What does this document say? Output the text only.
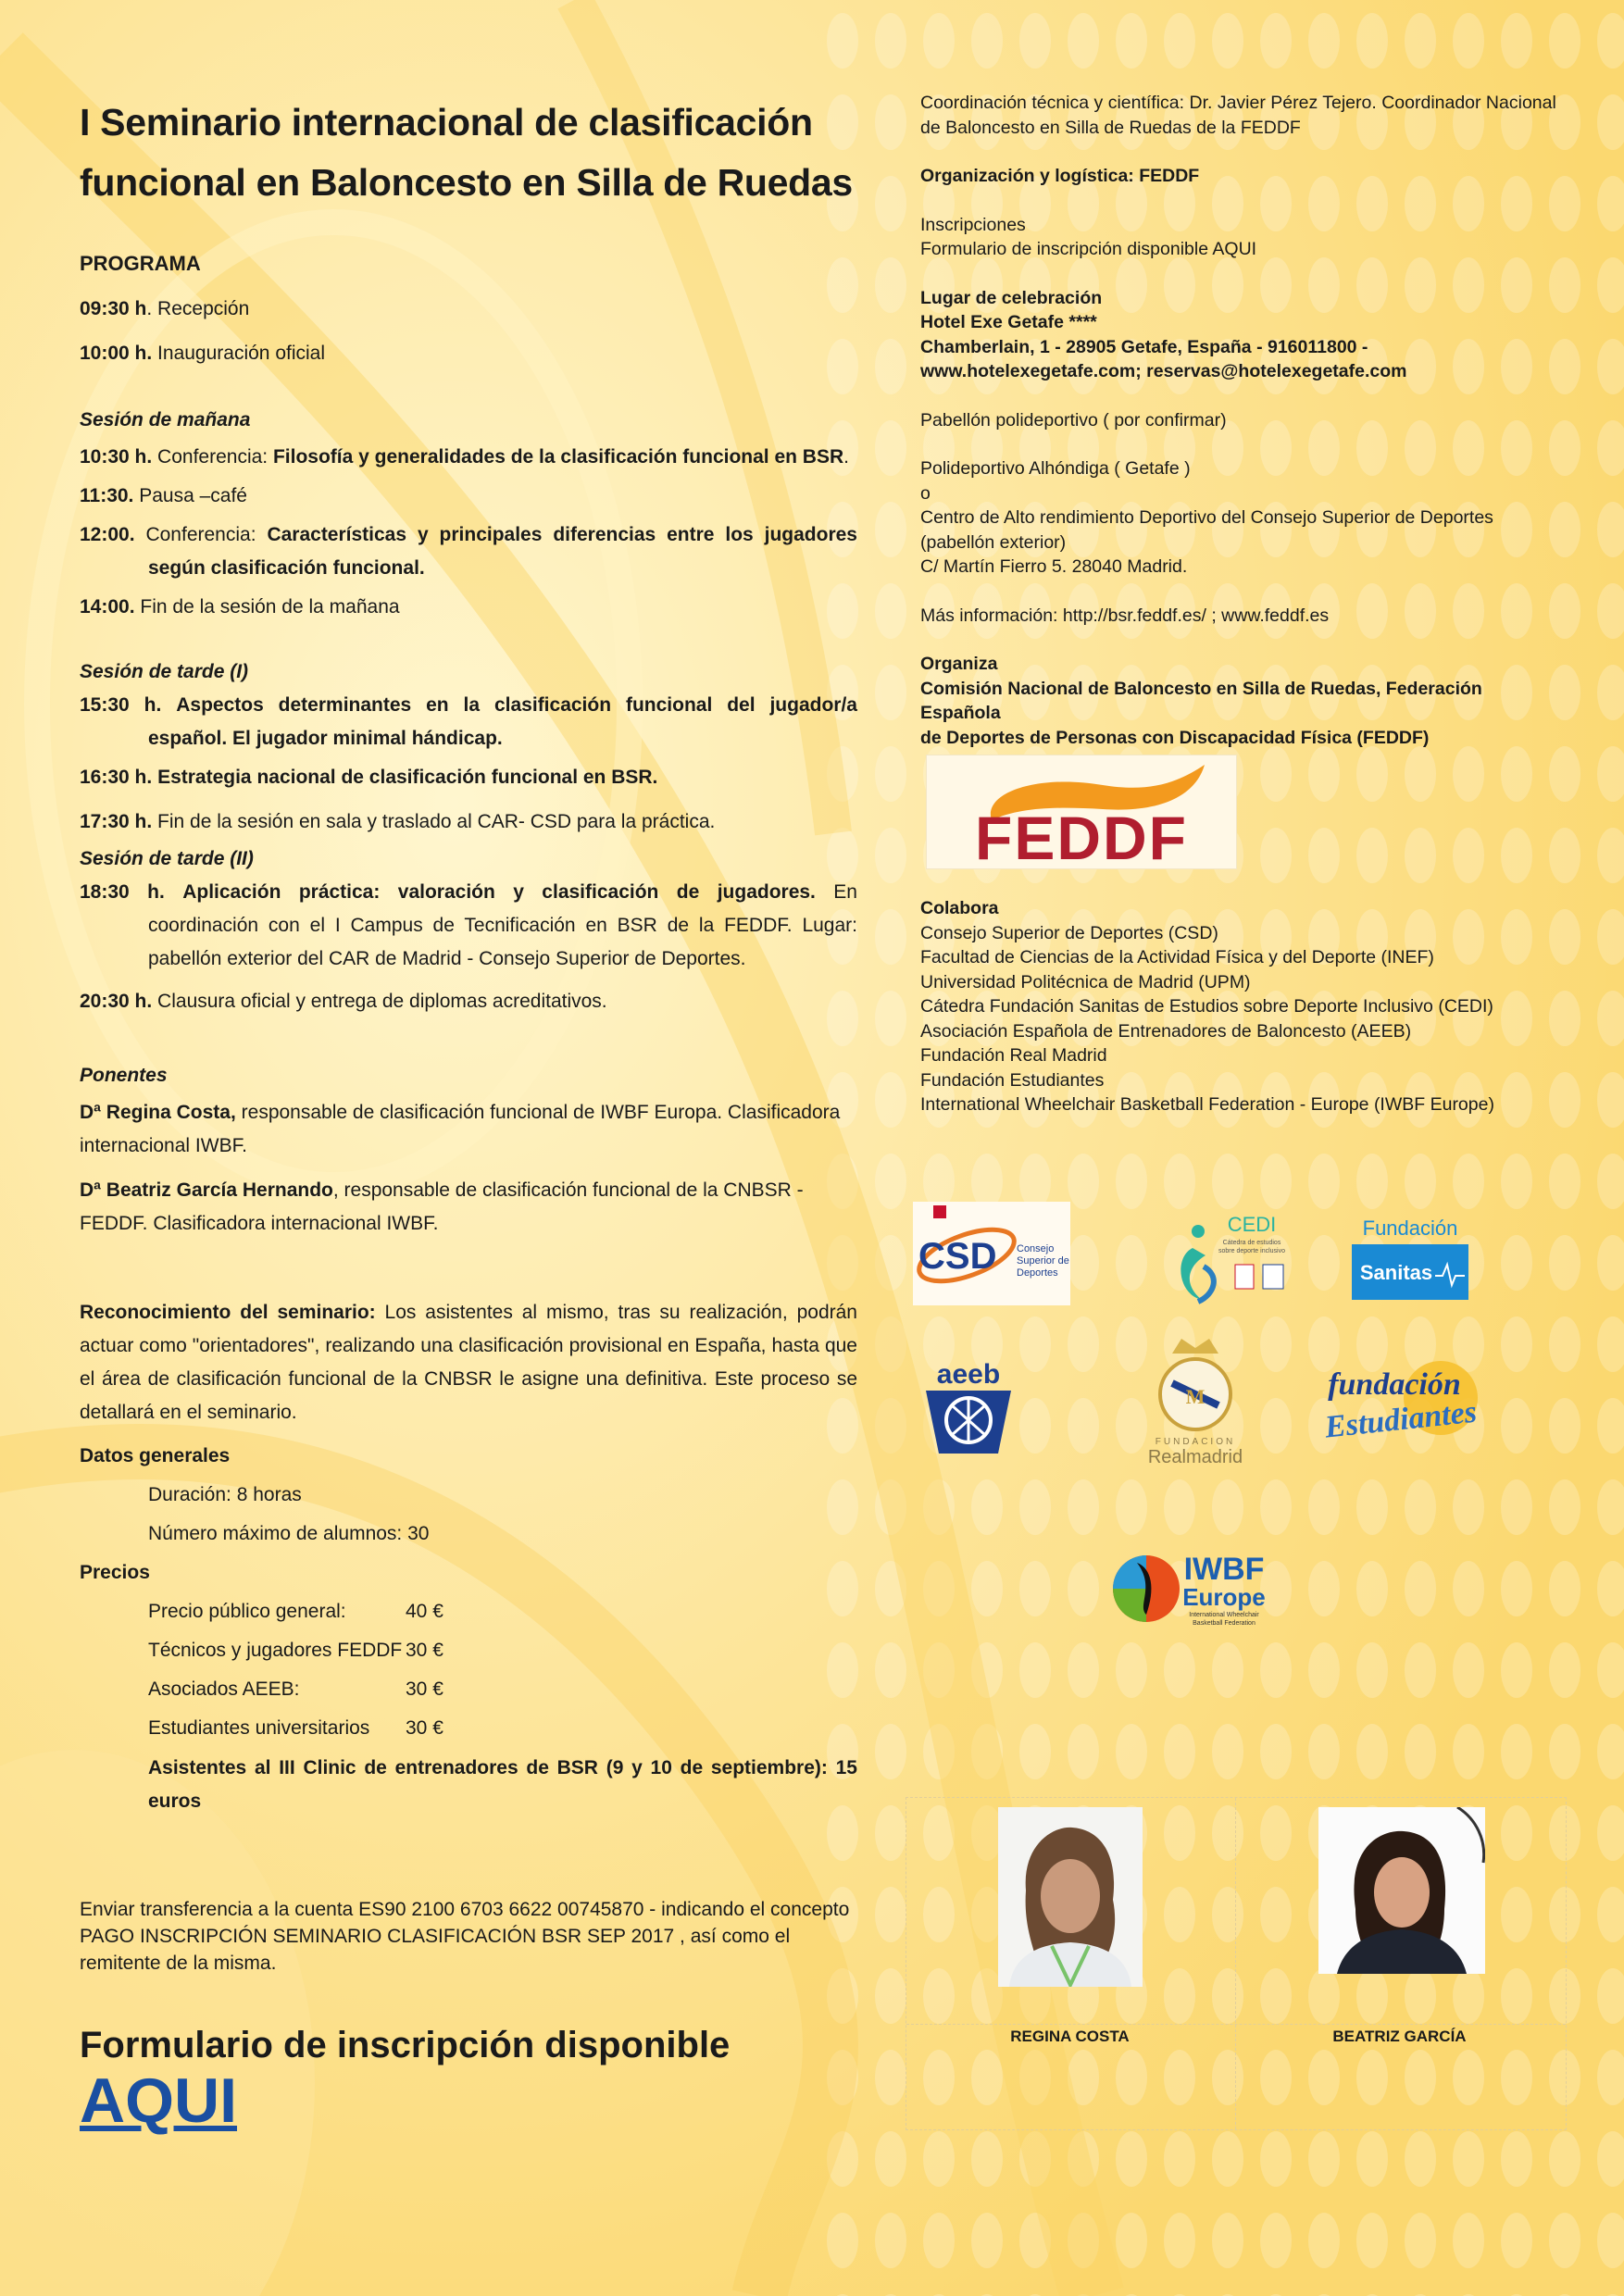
I Seminario internacional de clasificación
funcional en Baloncesto en Silla de Ruedas
PROGRAMA

09:30 h. Recepción

10:00 h. Inauguración oficial

Sesión de mañana

10:30 h. Conferencia: Filosofía y generalidades de la clasificación funcional en BSR.

11:30. Pausa –café

12:00. Conferencia: Características y principales diferencias entre los jugadores según clasificación funcional.

14:00. Fin de la sesión de la mañana

Sesión de tarde (I)

15:30 h. Aspectos determinantes en la clasificación funcional del jugador/a español. El jugador minimal hándicap.

16:30 h. Estrategia nacional de clasificación funcional en BSR.

17:30 h. Fin de la sesión en sala y traslado al CAR- CSD para la práctica.

Sesión de tarde (II)

18:30 h. Aplicación práctica: valoración y clasificación de jugadores. En coordinación con el I Campus de Tecnificación en BSR de la FEDDF. Lugar: pabellón exterior del CAR de Madrid - Consejo Superior de Deportes.

20:30 h. Clausura oficial y entrega de diplomas acreditativos.

Ponentes

Dª Regina Costa, responsable de clasificación funcional de IWBF Europa. Clasificadora internacional IWBF.

Dª Beatriz García Hernando, responsable de clasificación funcional de la CNBSR - FEDDF. Clasificadora internacional IWBF.

Reconocimiento del seminario: Los asistentes al mismo, tras su realización, podrán actuar como "orientadores", realizando una clasificación provisional en España, hasta que el área de clasificación funcional de la CNBSR le asigne una definitiva. Este proceso se detallará en el seminario.

Datos generales
Duración: 8 horas
Número máximo de alumnos: 30
Precios
Precio público general:	40 €
Técnicos y jugadores FEDDF 30 €
Asociados AEEB:	30 €
Estudiantes universitarios	30 €
Asistentes al III Clinic de entrenadores de BSR (9 y 10 de septiembre): 15 euros
Enviar transferencia a la cuenta ES90 2100 6703 6622 00745870 - indicando el concepto
PAGO INSCRIPCIÓN SEMINARIO CLASIFICACIÓN BSR SEP 2017 , así como el
remitente de la misma.
Formulario de inscripción disponible AQUI

Coordinación técnica y científica: Dr. Javier Pérez Tejero. Coordinador Nacional
de Baloncesto en Silla de Ruedas de la FEDDF

Organización y logística: FEDDF

Inscripciones

Formulario de inscripción disponible AQUI

Lugar de celebración
Hotel Exe Getafe ****
Chamberlain, 1 - 28905 Getafe, España - 916011800 -
www.hotelexegetafe.com; reservas@hotelexegetafe.com

Pabellón polideportivo ( por confirmar)

Polideportivo Alhóndiga ( Getafe )
o
Centro de Alto rendimiento Deportivo del Consejo Superior de Deportes
(pabellón exterior)
C/ Martín Fierro 5. 28040 Madrid.

Más información: http://bsr.feddf.es/ ; www.feddf.es

Organiza

Comisión Nacional de Baloncesto en Silla de Ruedas, Federación Española
de Deportes de Personas con Discapacidad Física (FEDDF)

FEDDF

Colabora

Consejo Superior de Deportes (CSD)
Facultad de Ciencias de la Actividad Física y del Deporte (INEF)
Universidad Politécnica de Madrid (UPM)
Cátedra Fundación Sanitas de Estudios sobre Deporte Inclusivo (CEDI)
Asociación Española de Entrenadores de Baloncesto (AEEB)
Fundación Real Madrid
Fundación Estudiantes
International Wheelchair Basketball Federation - Europe (IWBF Europe)
CSD Consejo
Superior de
Deportes
CEDI
Cátedra de estudios
sobre deporte inclusivo
Fundación
Sanitas
aeeb
M
FUNDACION
Realmadrid
fundación
Estudiantes
IWBF
Europe
International Wheelchair
Basketball Federation
REGINA COSTA	BEATRIZ GARCÍA
